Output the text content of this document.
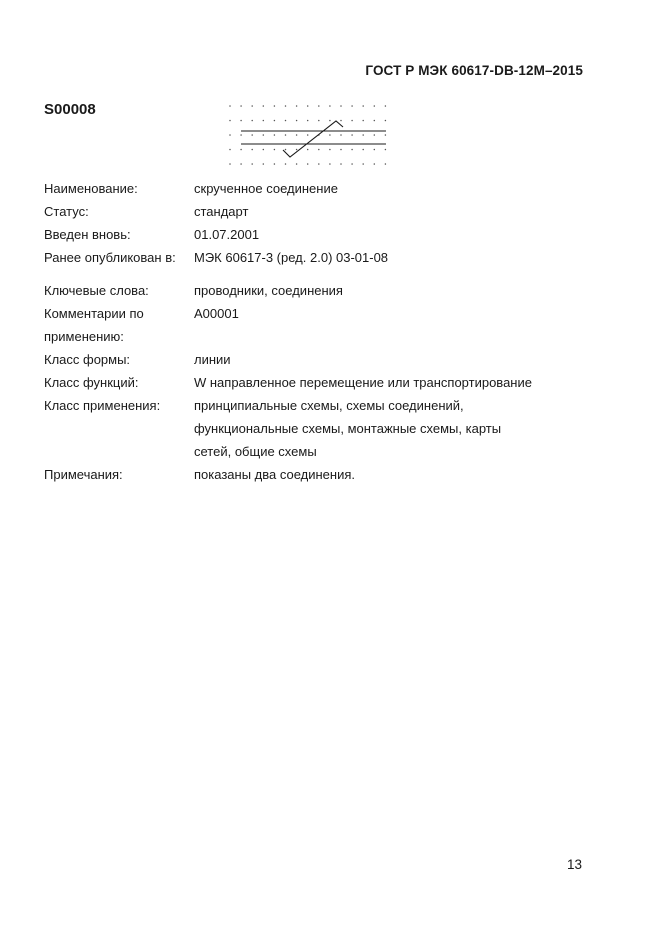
ГОСТ Р МЭК 60617-DB-12M–2015
S00008
Наименование:	скрученное соединение
Статус:	стандарт
Введен вновь:	01.07.2001
Ранее опубликован в: МЭК 60617-3 (ред. 2.0) 03-01-08
Ключевые слова:	проводники, соединения
Комментарии по	A00001
применению:
Класс формы:	линии
Класс функций:	W направленное перемещение или транспортирование
Класс применения:	принципиальные схемы, схемы соединений,
функциональные схемы, монтажные схемы, карты
сетей, общие схемы
Примечания:	показаны два соединения.
13
